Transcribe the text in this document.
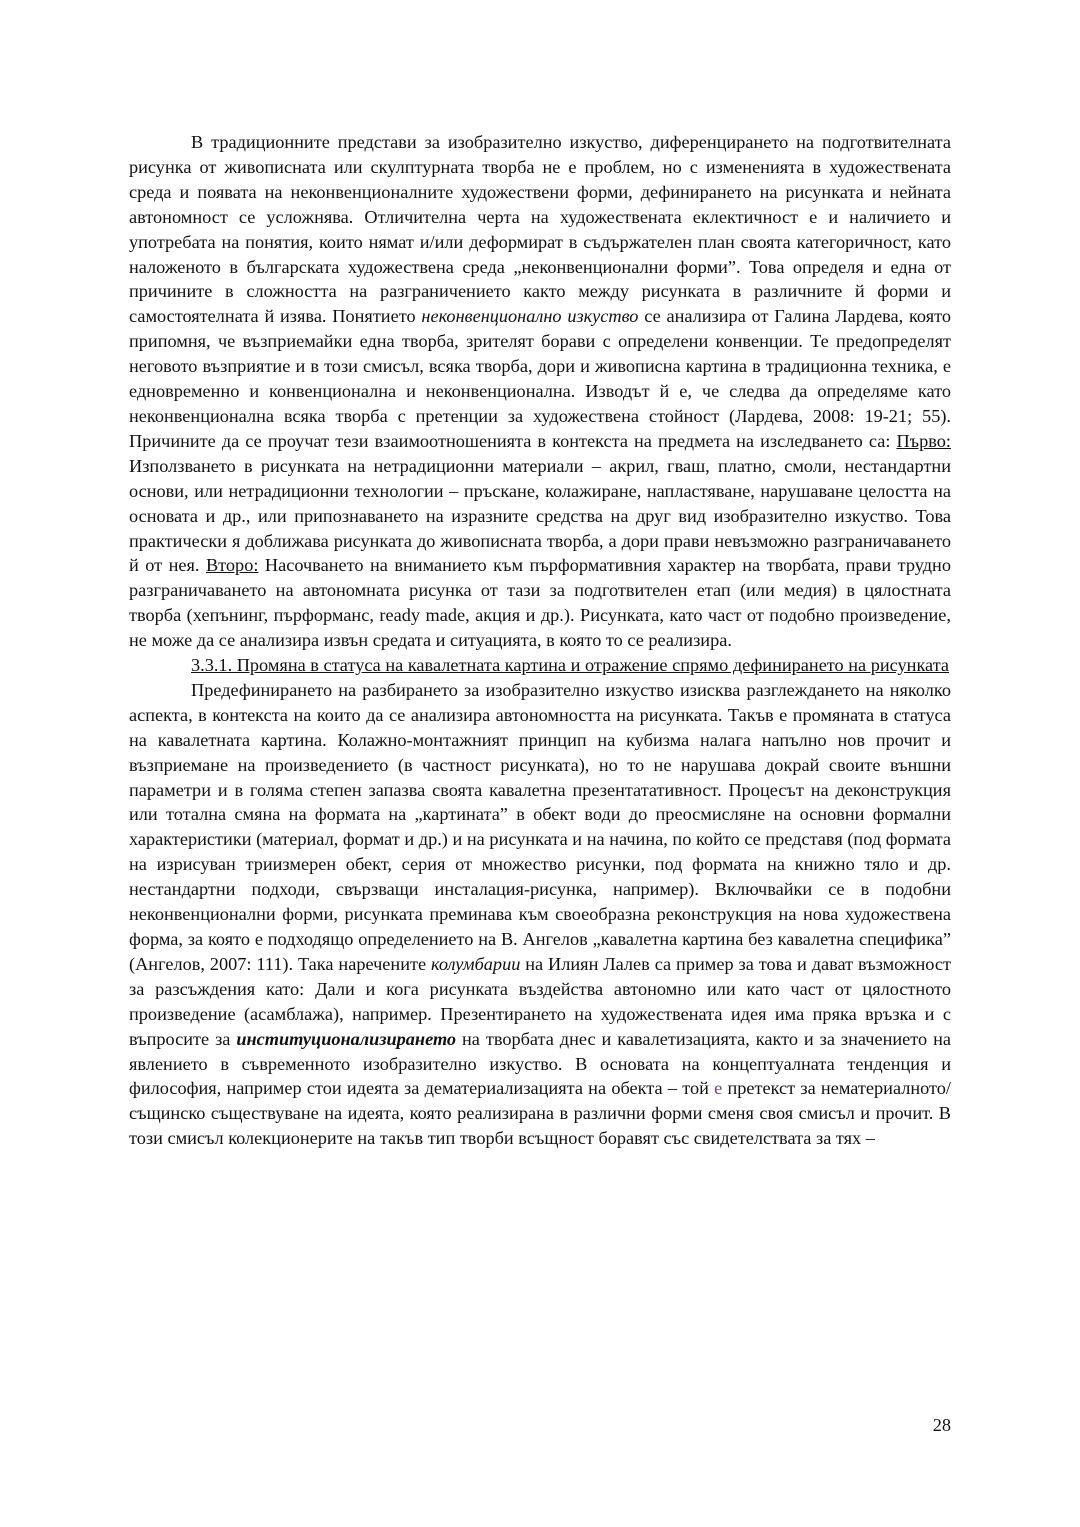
В традиционните представи за изобразително изкуство, диференцирането на подготвителната рисунка от живописната или скулптурната творба не е проблем, но с измененията в художествената среда и появата на неконвенционалните художествени форми, дефинирането на рисунката и нейната автономност се усложнява. Отличителна черта на художествената еклектичност е и наличието и употребата на понятия, които нямат и/или деформират в съдържателен план своята категоричност, като наложеното в българската художествена среда „неконвенционални форми”. Това определя и една от причините в сложността на разграничението както между рисунката в различните й форми и самостоятелната й изява. Понятието неконвенционално изкуство се анализира от Галина Лардева, която припомня, че възприемайки една творба, зрителят борави с определени конвенции. Те предопределят неговото възприятие и в този смисъл, всяка творба, дори и живописна картина в традиционна техника, е едновременно и конвенционална и неконвенционална. Изводът й е, че следва да определяме като неконвенционална всяка творба с претенции за художествена стойност (Лардева, 2008: 19-21; 55). Причините да се проучат тези взаимоотношенията в контекста на предмета на изследването са: Първо: Използването в рисунката на нетрадиционни материали – акрил, гваш, платно, смоли, нестандартни основи, или нетрадиционни технологии – пръскане, колажиране, напластяване, нарушаване целостта на основата и др., или припознаването на изразните средства на друг вид изобразително изкуство. Това практически я доближава рисунката до живописната творба, а дори прави невъзможно разграничаването й от нея. Второ: Насочването на вниманието към пърформативния характер на творбата, прави трудно разграничаването на автономната рисунка от тази за подготвителен етап (или медия) в цялостната творба (хепънинг, пърформанс, ready made, акция и др.). Рисунката, като част от подобно произведение, не може да се анализира извън средата и ситуацията, в която то се реализира.

3.3.1. Промяна в статуса на кавалетната картина и отражение спрямо дефинирането на рисунката

Предефинирането на разбирането за изобразително изкуство изисква разглеждането на няколко аспекта, в контекста на които да се анализира автономността на рисунката. Такъв е промяната в статуса на кавалетната картина. Колажно-монтажният принцип на кубизма налага напълно нов прочит и възприемане на произведението (в частност рисунката), но то не нарушава докрай своите външни параметри и в голяма степен запазва своята кавалетна презентатативност. Процесът на деконструкция или тотална смяна на формата на „картината” в обект води до преосмисляне на основни формални характеристики (материал, формат и др.) и на рисунката и на начина, по който се представя (под формата на изрисуван триизмерен обект, серия от множество рисунки, под формата на книжно тяло и др. нестандартни подходи, свързващи инсталация-рисунка, например). Включвайки се в подобни неконвенционални форми, рисунката преминава към своеобразна реконструкция на нова художествена форма, за която е подходящо определението на В. Ангелов „кавалетна картина без кавалетна специфика” (Ангелов, 2007: 111). Така наречените колумбарии на Илиян Лалев са пример за това и дават възможност за разсъждения като: Дали и кога рисунката въздейства автономно или като част от цялостното произведение (асамблажа), например. Презентирането на художествената идея има пряка връзка и с въпросите за институционализирането на творбата днес и кавалетизацията, както и за значението на явлението в съвременното изобразително изкуство. В основата на концептуалната тенденция и философия, например стои идеята за дематериализацията на обекта – той е претекст за нематериалното/същинско съществуване на идеята, която реализирана в различни форми сменя своя смисъл и прочит. В този смисъл колекционерите на такъв тип творби всъщност боравят със свидетелствата за тях –

28
